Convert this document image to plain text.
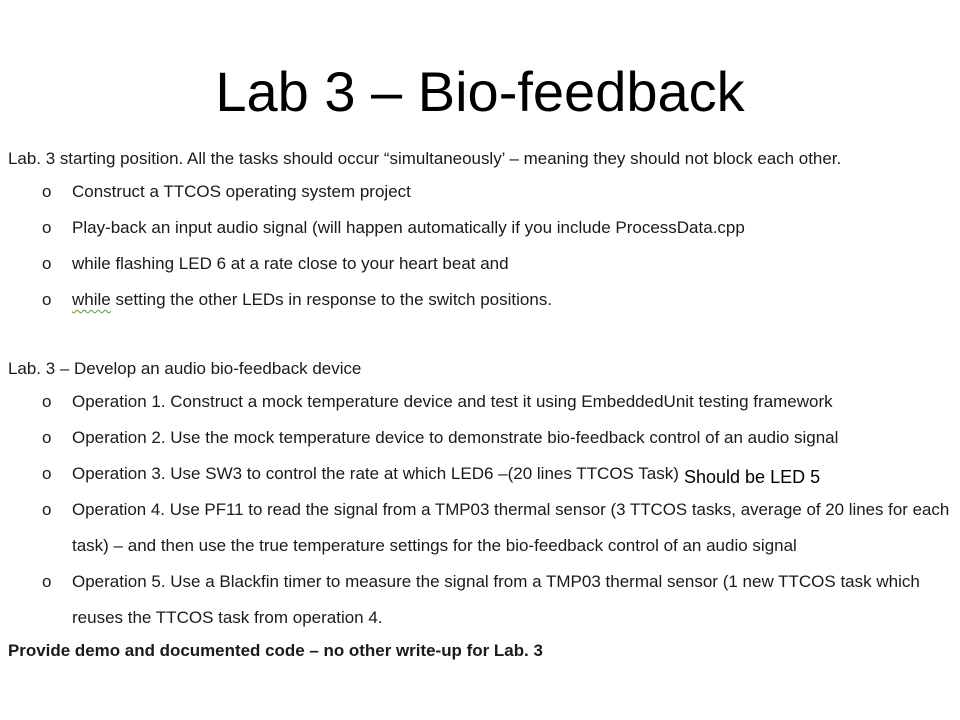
Lab 3 – Bio-feedback
Lab. 3 starting position. All the tasks should occur “simultaneously’ – meaning they should not block each other.
o Construct a TTCOS operating system project
o Play-back an input audio signal (will happen automatically if you include ProcessData.cpp
o while flashing LED 6 at a rate close to your heart beat and
o while setting the other LEDs in response to the switch positions.
Lab. 3 – Develop an audio bio-feedback device
o Operation 1. Construct a mock temperature device and test it using EmbeddedUnit testing framework
o Operation 2. Use the mock temperature device to demonstrate bio-feedback control of an audio signal
o Operation 3. Use SW3 to control the rate at which LED6 –(20 lines TTCOS Task)
o Operation 4. Use PF11 to read the signal from a TMP03 thermal sensor (3 TTCOS tasks, average of 20 lines for each
task) – and then use the true temperature settings for the bio-feedback control of an audio signal
o Operation 5. Use a Blackfin timer to measure the signal from a TMP03 thermal sensor (1 new TTCOS task which
reuses the TTCOS task from operation 4.
Provide demo and documented code – no other write-up for Lab. 3
Should be LED 5
